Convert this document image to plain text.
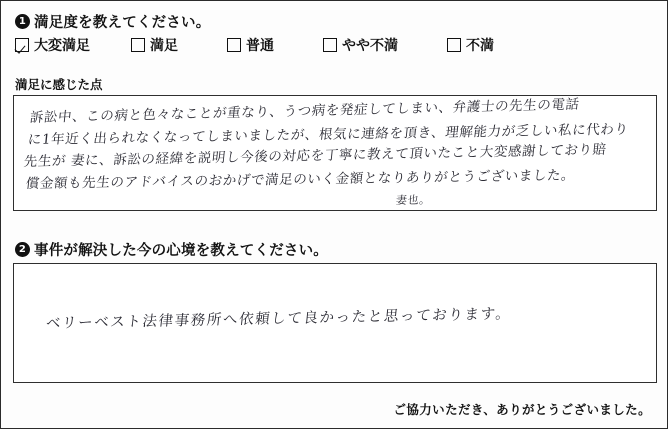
1 満足度を教えてください。
大変満足	満足	普通	やや不満	不満
満足に感じた点
訴訟中、この病と色々なことが重なり、うつ病を発症してしまい、弁護士の先生の電話
に1年近く出られなくなってしまいましたが、根気に連絡を頂き、理解能力が乏しい私に代わり
先生が 妻に、訴訟の経緯を説明し今後の対応を丁寧に教えて頂いたこと大変感謝しており賠
償金額も先生のアドバイスのおかげで満足のいく金額となりありがとうございました。
妻也。
2 事件が解決した今の心境を教えてください。
ベリーベスト法律事務所へ依頼して良かったと思っております。
ご協力いただき、ありがとうございました。
